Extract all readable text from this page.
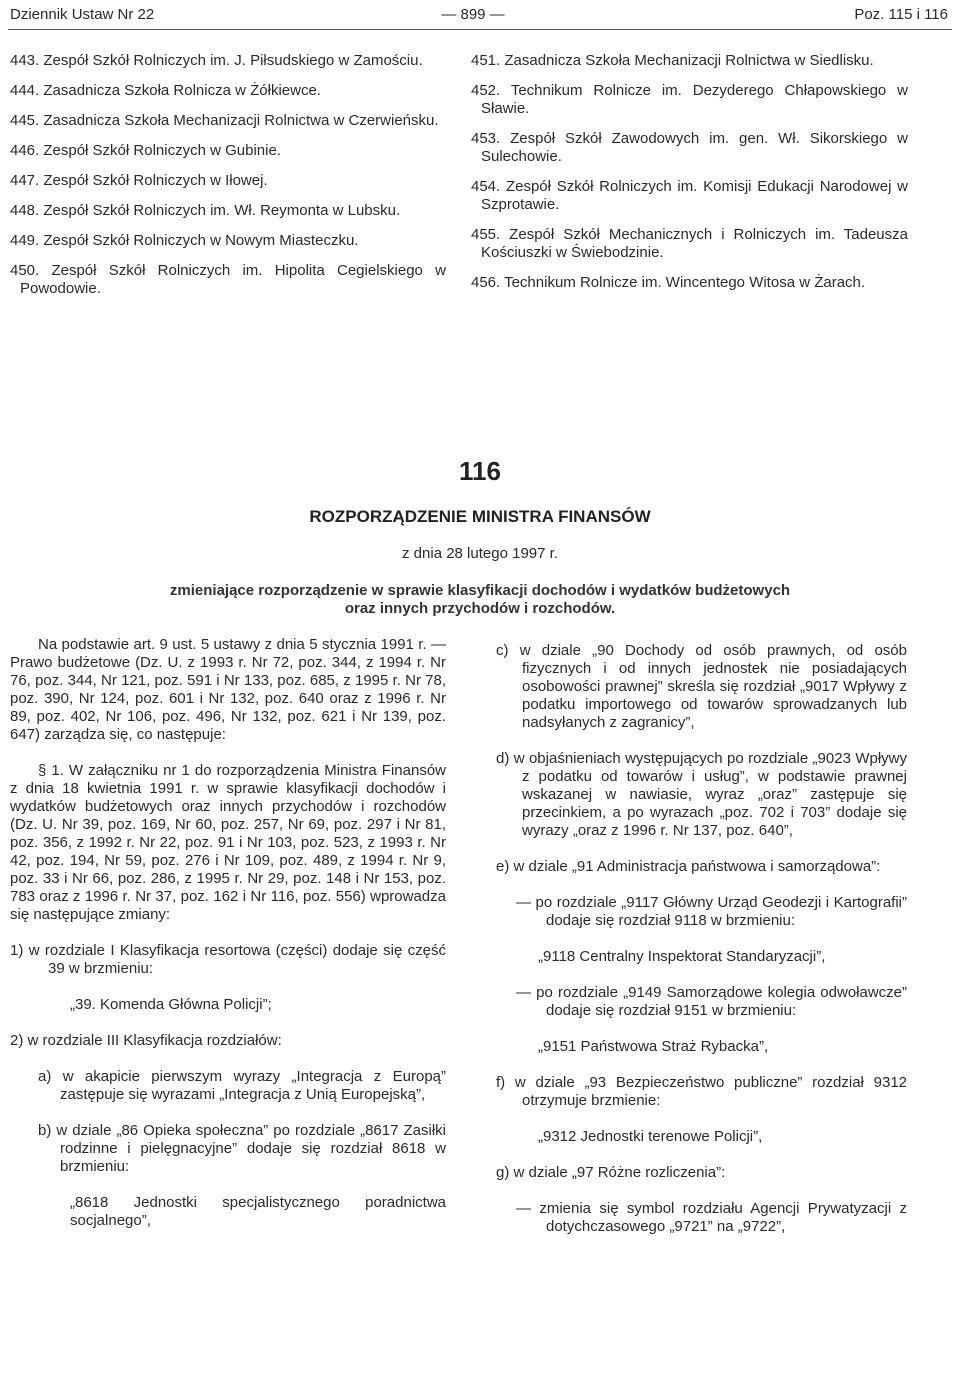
Dziennik Ustaw Nr 22	— 899 —	Poz. 115 i 116

443. Zespół Szkół Rolniczych im. J. Piłsudskiego w Zamościu.

444. Zasadnicza Szkoła Rolnicza w Żółkiewce.

445. Zasadnicza Szkoła Mechanizacji Rolnictwa w Czerwieńsku.

446. Zespół Szkół Rolniczych w Gubinie.

447. Zespół Szkół Rolniczych w Iłowej.

448. Zespół Szkół Rolniczych im. Wł. Reymonta w Lubsku.

449. Zespół Szkół Rolniczych w Nowym Miasteczku.

450. Zespół Szkół Rolniczych im. Hipolita Cegielskiego w Powodowie.

451. Zasadnicza Szkoła Mechanizacji Rolnictwa w Siedlisku.

452. Technikum Rolnicze im. Dezyderego Chłapowskiego w Sławie.

453. Zespół Szkół Zawodowych im. gen. Wł. Sikorskiego w Sulechowie.

454. Zespół Szkół Rolniczych im. Komisji Edukacji Narodowej w Szprotawie.

455. Zespół Szkół Mechanicznych i Rolniczych im. Tadeusza Kościuszki w Świebodzinie.

456. Technikum Rolnicze im. Wincentego Witosa w Żarach.

116
ROZPORZĄDZENIE MINISTRA FINANSÓW
z dnia 28 lutego 1997 r.
zmieniające rozporządzenie w sprawie klasyfikacji dochodów i wydatków budżetowych
oraz innych przychodów i rozchodów.

Na podstawie art. 9 ust. 5 ustawy z dnia 5 stycznia 1991 r. — Prawo budżetowe (Dz. U. z 1993 r. Nr 72, poz. 344, z 1994 r. Nr 76, poz. 344, Nr 121, poz. 591 i Nr 133, poz. 685, z 1995 r. Nr 78, poz. 390, Nr 124, poz. 601 i Nr 132, poz. 640 oraz z 1996 r. Nr 89, poz. 402, Nr 106, poz. 496, Nr 132, poz. 621 i Nr 139, poz. 647) zarządza się, co następuje:

§ 1. W załączniku nr 1 do rozporządzenia Ministra Finansów z dnia 18 kwietnia 1991 r. w sprawie klasyfikacji dochodów i wydatków budżetowych oraz innych przychodów i rozchodów (Dz. U. Nr 39, poz. 169, Nr 60, poz. 257, Nr 69, poz. 297 i Nr 81, poz. 356, z 1992 r. Nr 22, poz. 91 i Nr 103, poz. 523, z 1993 r. Nr 42, poz. 194, Nr 59, poz. 276 i Nr 109, poz. 489, z 1994 r. Nr 9, poz. 33 i Nr 66, poz. 286, z 1995 r. Nr 29, poz. 148 i Nr 153, poz. 783 oraz z 1996 r. Nr 37, poz. 162 i Nr 116, poz. 556) wprowadza się następujące zmiany:

1) w rozdziale I Klasyfikacja resortowa (części) dodaje się część 39 w brzmieniu:

„39. Komenda Główna Policji”;

2) w rozdziale III Klasyfikacja rozdziałów:

a) w akapicie pierwszym wyrazy „Integracja z Europą” zastępuje się wyrazami „Integracja z Unią Europejską”,

b) w dziale „86 Opieka społeczna” po rozdziale „8617 Zasiłki rodzinne i pielęgnacyjne” dodaje się rozdział 8618 w brzmieniu:

„8618 Jednostki specjalistycznego poradnictwa socjalnego”,

c) w dziale „90 Dochody od osób prawnych, od osób fizycznych i od innych jednostek nie posiadających osobowości prawnej” skreśla się rozdział „9017 Wpływy z podatku importowego od towarów sprowadzanych lub nadsyłanych z zagranicy”,

d) w objaśnieniach występujących po rozdziale „9023 Wpływy z podatku od towarów i usług”, w podstawie prawnej wskazanej w nawiasie, wyraz „oraz” zastępuje się przecinkiem, a po wyrazach „poz. 702 i 703” dodaje się wyrazy „oraz z 1996 r. Nr 137, poz. 640”,

e) w dziale „91 Administracja państwowa i samorządowa”:

— po rozdziale „9117 Główny Urząd Geodezji i Kartografii” dodaje się rozdział 9118 w brzmieniu:

„9118 Centralny Inspektorat Standaryzacji”,

— po rozdziale „9149 Samorządowe kolegia odwoławcze” dodaje się rozdział 9151 w brzmieniu:

„9151 Państwowa Straż Rybacka”,

f) w dziale „93 Bezpieczeństwo publiczne” rozdział 9312 otrzymuje brzmienie:

„9312 Jednostki terenowe Policji”,

g) w dziale „97 Różne rozliczenia”:

— zmienia się symbol rozdziału Agencji Prywatyzacji z dotychczasowego „9721” na „9722”,
